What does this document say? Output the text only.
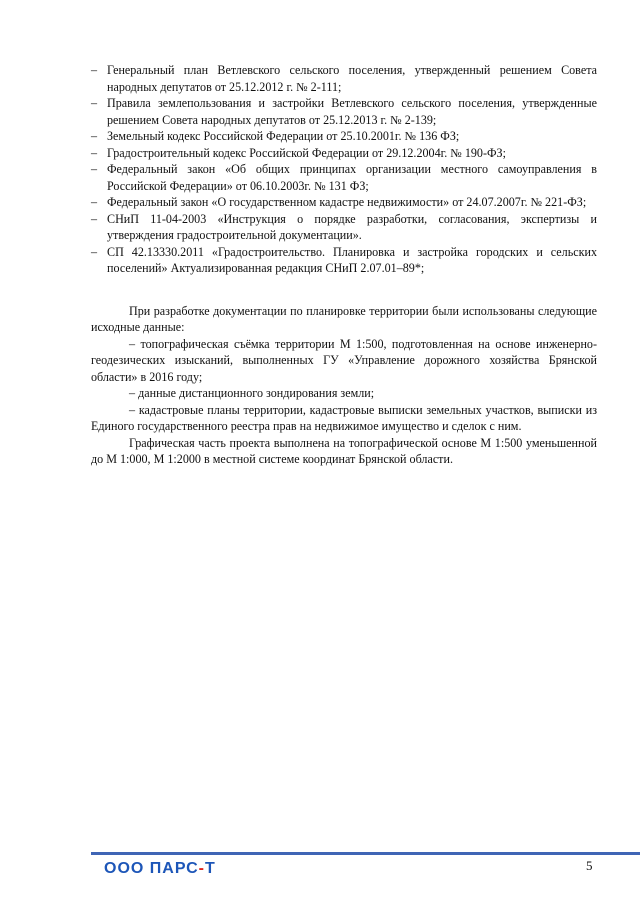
– Генеральный план Ветлевского сельского поселения, утвержденный решением Совета народных депутатов от 25.12.2012 г. № 2-111;
– Правила землепользования и застройки Ветлевского сельского поселения, утвержденные решением Совета народных депутатов от 25.12.2013 г. № 2-139;
– Земельный кодекс Российской Федерации от 25.10.2001г. № 136 ФЗ;
– Градостроительный кодекс Российской Федерации от 29.12.2004г. № 190-ФЗ;
– Федеральный закон «Об общих принципах организации местного самоуправления в Российской Федерации» от 06.10.2003г. № 131 ФЗ;
– Федеральный закон «О государственном кадастре недвижимости» от 24.07.2007г. № 221-ФЗ;
– СНиП 11-04-2003 «Инструкция о порядке разработки, согласования, экспертизы и утверждения градостроительной документации».
– СП 42.13330.2011 «Градостроительство. Планировка и застройка городских и сельских поселений» Актуализированная редакция СНиП 2.07.01–89*;

При разработке документации по планировке территории были использованы следующие исходные данные:

– топографическая съёмка территории М 1:500, подготовленная на основе инженерно-геодезических изысканий, выполненных ГУ «Управление дорожного хозяйства Брянской области» в 2016 году;

– данные дистанционного зондирования земли;

– кадастровые планы территории, кадастровые выписки земельных участков, выписки из Единого государственного реестра прав на недвижимое имущество и сделок с ним.

Графическая часть проекта выполнена на топографической основе М 1:500 уменьшенной до М 1:000, М 1:2000 в местной системе координат Брянской области.

ООО ПАРС-Т	5
